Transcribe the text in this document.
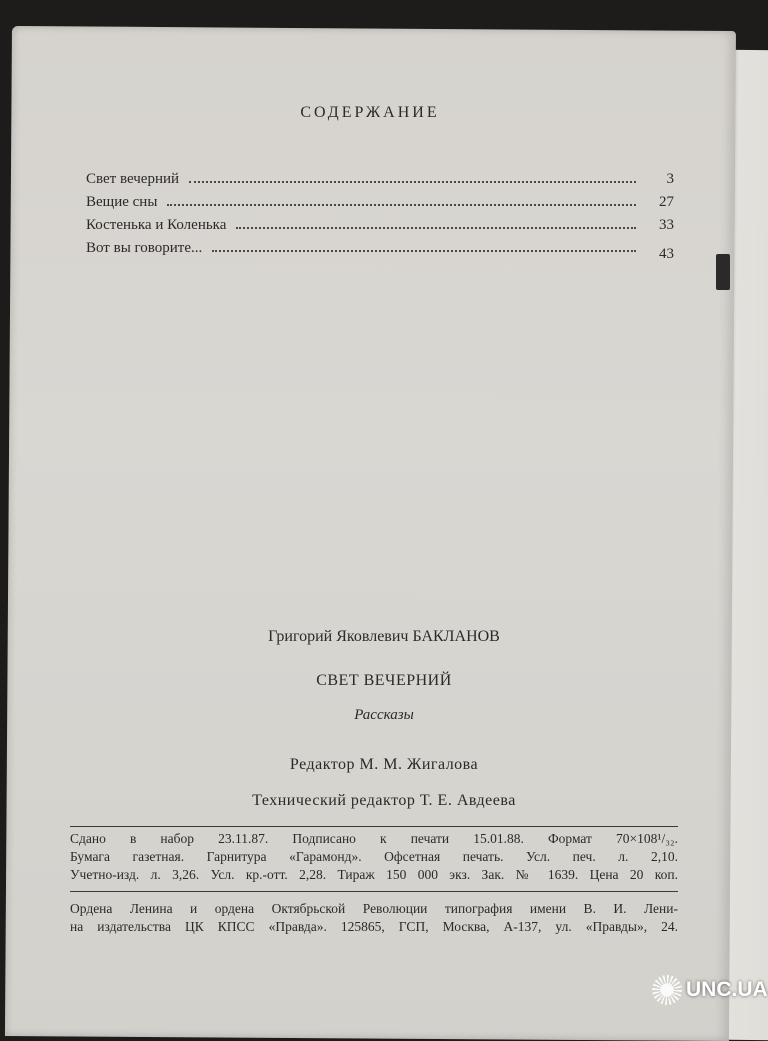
СОДЕРЖАНИЕ
Свет вечерний	3
Вещие сны	27
Костенька и Коленька	33
Вот вы говорите...	43
Григорий Яковлевич БАКЛАНОВ
СВЕТ ВЕЧЕРНИЙ
Рассказы
Редактор М. М. Жигалова
Технический редактор Т. Е. Авдеева
Сдано в набор 23.11.87. Подписано к печати 15.01.88. Формат 70×108¹/₃₂.
Бумага газетная. Гарнитура «Гарамонд». Офсетная печать. Усл. печ. л. 2,10.
Учетно-изд. л. 3,26. Усл. кр.-отт. 2,28. Тираж 150 000 экз. Зак. № 1639. Цена 20 коп.
Ордена Ленина и ордена Октябрьской Революции типография имени В. И. Лени-
на издательства ЦК КПСС «Правда». 125865, ГСП, Москва, А-137, ул. «Правды», 24.
UNC.UA
